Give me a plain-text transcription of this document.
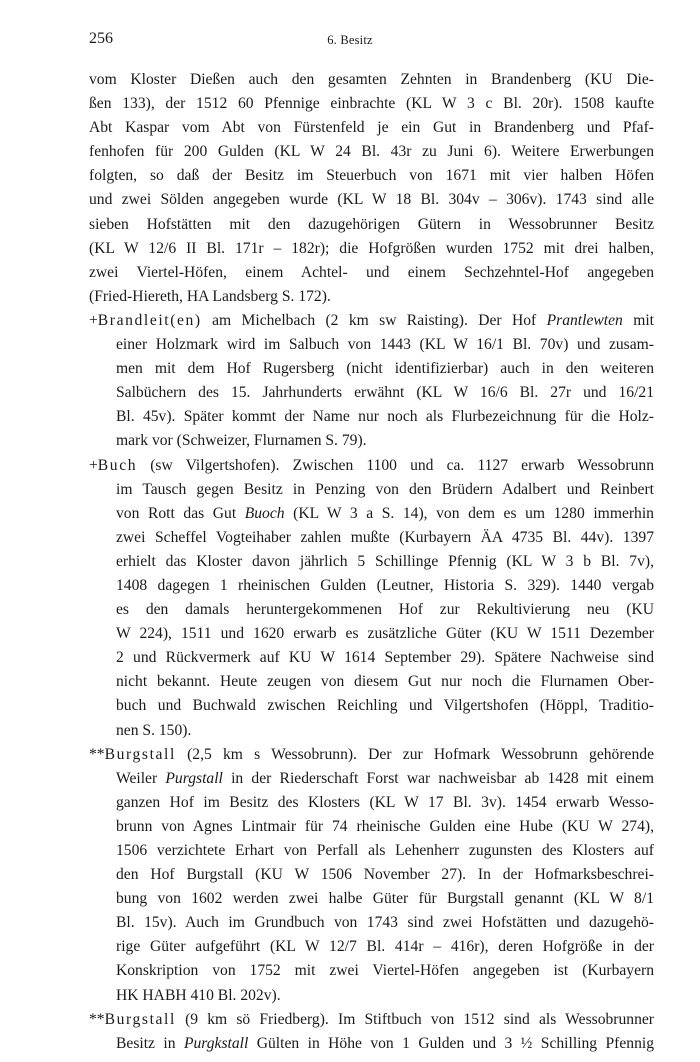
256	6. Besitz
vom Kloster Dießen auch den gesamten Zehnten in Brandenberg (KU Die-
ßen 133), der 1512 60 Pfennige einbrachte (KL W 3 c Bl. 20r). 1508 kaufte
Abt Kaspar vom Abt von Fürstenfeld je ein Gut in Brandenberg und Pfaf-
fenhofen für 200 Gulden (KL W 24 Bl. 43r zu Juni 6). Weitere Erwerbungen
folgten, so daß der Besitz im Steuerbuch von 1671 mit vier halben Höfen
und zwei Sölden angegeben wurde (KL W 18 Bl. 304v – 306v). 1743 sind alle
sieben Hofstätten mit den dazugehörigen Gütern in Wessobrunner Besitz
(KL W 12/6 II Bl. 171r – 182r); die Hofgrößen wurden 1752 mit drei halben,
zwei Viertel-Höfen, einem Achtel- und einem Sechzehntel-Hof angegeben
(Fried-Hiereth, HA Landsberg S. 172).
+Brandleit(en) am Michelbach (2 km sw Raisting). Der Hof Prantlewten mit
einer Holzmark wird im Salbuch von 1443 (KL W 16/1 Bl. 70v) und zusam-
men mit dem Hof Rugersberg (nicht identifizierbar) auch in den weiteren
Salbüchern des 15. Jahrhunderts erwähnt (KL W 16/6 Bl. 27r und 16/21
Bl. 45v). Später kommt der Name nur noch als Flurbezeichnung für die Holz-
mark vor (Schweizer, Flurnamen S. 79).
+Buch (sw Vilgertshofen). Zwischen 1100 und ca. 1127 erwarb Wessobrunn
im Tausch gegen Besitz in Penzing von den Brüdern Adalbert und Reinbert
von Rott das Gut Buoch (KL W 3 a S. 14), von dem es um 1280 immerhin
zwei Scheffel Vogteihaber zahlen mußte (Kurbayern ÄA 4735 Bl. 44v). 1397
erhielt das Kloster davon jährlich 5 Schillinge Pfennig (KL W 3 b Bl. 7v),
1408 dagegen 1 rheinischen Gulden (Leutner, Historia S. 329). 1440 vergab
es den damals heruntergekommenen Hof zur Rekultivierung neu (KU
W 224), 1511 und 1620 erwarb es zusätzliche Güter (KU W 1511 Dezember
2 und Rückvermerk auf KU W 1614 September 29). Spätere Nachweise sind
nicht bekannt. Heute zeugen von diesem Gut nur noch die Flurnamen Ober-
buch und Buchwald zwischen Reichling und Vilgertshofen (Höppl, Traditio-
nen S. 150).
**Burgstall (2,5 km s Wessobrunn). Der zur Hofmark Wessobrunn gehörende
Weiler Purgstall in der Riederschaft Forst war nachweisbar ab 1428 mit einem
ganzen Hof im Besitz des Klosters (KL W 17 Bl. 3v). 1454 erwarb Wesso-
brunn von Agnes Lintmair für 74 rheinische Gulden eine Hube (KU W 274),
1506 verzichtete Erhart von Perfall als Lehenherr zugunsten des Klosters auf
den Hof Burgstall (KU W 1506 November 27). In der Hofmarksbeschrei-
bung von 1602 werden zwei halbe Güter für Burgstall genannt (KL W 8/1
Bl. 15v). Auch im Grundbuch von 1743 sind zwei Hofstätten und dazugehö-
rige Güter aufgeführt (KL W 12/7 Bl. 414r – 416r), deren Hofgröße in der
Konskription von 1752 mit zwei Viertel-Höfen angegeben ist (Kurbayern
HK HABH 410 Bl. 202v).
**Burgstall (9 km sö Friedberg). Im Stiftbuch von 1512 sind als Wessobrunner
Besitz in Purgkstall Gülten in Höhe von 1 Gulden und 3 ½ Schilling Pfennig
